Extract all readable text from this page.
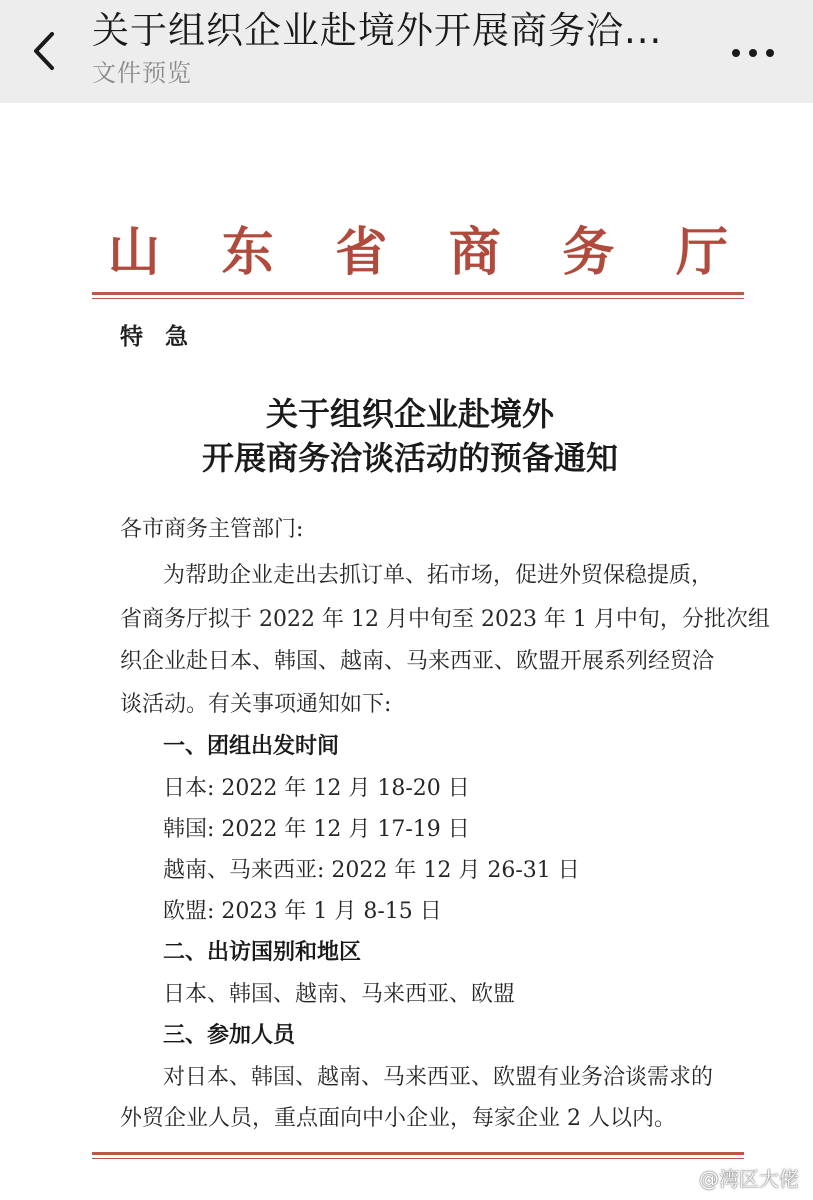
关于组织企业赴境外开展商务洽...
文件预览
山 东 省 商 务 厅
特急
关于组织企业赴境外
开展商务洽谈活动的预备通知
各市商务主管部门:
为帮助企业走出去抓订单、拓市场，促进外贸保稳提质，
省商务厅拟于 2022 年 12 月中旬至 2023 年 1 月中旬，分批次组
织企业赴日本、韩国、越南、马来西亚、欧盟开展系列经贸洽
谈活动。有关事项通知如下:
一、团组出发时间
日本: 2022 年 12 月 18-20 日
韩国: 2022 年 12 月 17-19 日
越南、马来西亚: 2022 年 12 月 26-31 日
欧盟: 2023 年 1 月 8-15 日
二、出访国别和地区
日本、韩国、越南、马来西亚、欧盟
三、参加人员
对日本、韩国、越南、马来西亚、欧盟有业务洽谈需求的
外贸企业人员，重点面向中小企业，每家企业 2 人以内。
@湾区大佬
